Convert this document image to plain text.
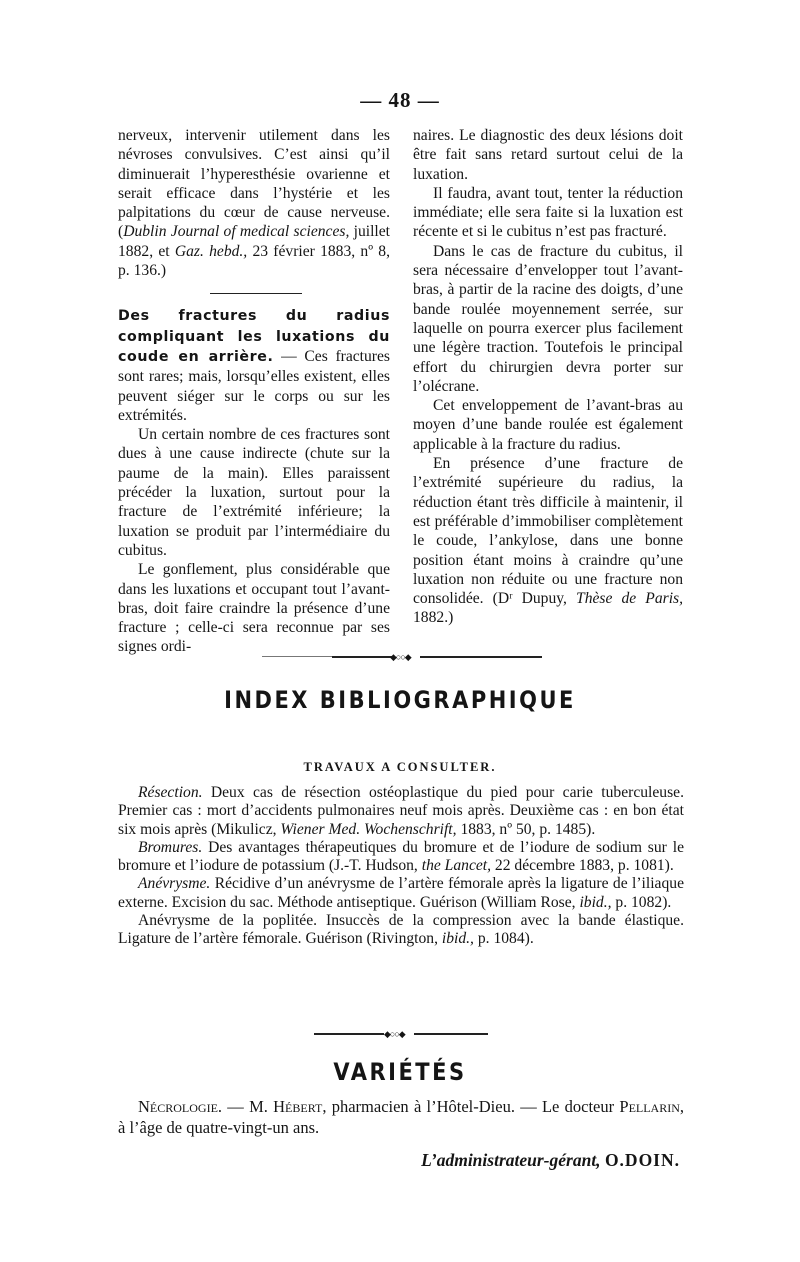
— 48 —

nerveux, intervenir utilement dans les névroses convulsives. C’est ainsi qu’il diminuerait l’hyperesthésie ovarienne et serait efficace dans l’hystérie et les palpitations du cœur de cause nerveuse. (Dublin Journal of medical sciences, juillet 1882, et Gaz. hebd., 23 février 1883, nº 8, p. 136.)

Des fractures du radius compliquant les luxations du coude en arrière. — Ces fractures sont rares; mais, lorsqu’elles existent, elles peuvent siéger sur le corps ou sur les extrémités.

Un certain nombre de ces fractures sont dues à une cause indirecte (chute sur la paume de la main). Elles paraissent précéder la luxation, surtout pour la fracture de l’extrémité inférieure; la luxation se produit par l’intermédiaire du cubitus.

Le gonflement, plus considérable que dans les luxations et occupant tout l’avant-bras, doit faire craindre la présence d’une fracture ; celle-ci sera reconnue par ses signes ordi-

naires. Le diagnostic des deux lésions doit être fait sans retard surtout celui de la luxation.

Il faudra, avant tout, tenter la réduction immédiate; elle sera faite si la luxation est récente et si le cubitus n’est pas fracturé.

Dans le cas de fracture du cubitus, il sera nécessaire d’envelopper tout l’avant-bras, à partir de la racine des doigts, d’une bande roulée moyennement serrée, sur laquelle on pourra exercer plus facilement une légère traction. Toutefois le principal effort du chirurgien devra porter sur l’olécrane.

Cet enveloppement de l’avant-bras au moyen d’une bande roulée est également applicable à la fracture du radius.

En présence d’une fracture de l’extrémité supérieure du radius, la réduction étant très difficile à maintenir, il est préférable d’immobiliser complètement le coude, l’ankylose, dans une bonne position étant moins à craindre qu’une luxation non réduite ou une fracture non consolidée. (Dʳ Dupuy, Thèse de Paris, 1882.)

◆○○◆
INDEX BIBLIOGRAPHIQUE
TRAVAUX A CONSULTER.

Résection. Deux cas de résection ostéoplastique du pied pour carie tuberculeuse. Premier cas : mort d’accidents pulmonaires neuf mois après. Deuxième cas : en bon état six mois après (Mikulicz, Wiener Med. Wochenschrift, 1883, nº 50, p. 1485).

Bromures. Des avantages thérapeutiques du bromure et de l’iodure de sodium sur le bromure et l’iodure de potassium (J.-T. Hudson, the Lancet, 22 décembre 1883, p. 1081).

Anévrysme. Récidive d’un anévrysme de l’artère fémorale après la ligature de l’iliaque externe. Excision du sac. Méthode antiseptique. Guérison (William Rose, ibid., p. 1082).

Anévrysme de la poplitée. Insuccès de la compression avec la bande élastique. Ligature de l’artère fémorale. Guérison (Rivington, ibid., p. 1084).

◆○○◆
VARIÉTÉS

Nécrologie. — M. Hébert, pharmacien à l’Hôtel-Dieu. — Le docteur Pellarin, à l’âge de quatre-vingt-un ans.

L’administrateur-gérant, O.DOIN.
